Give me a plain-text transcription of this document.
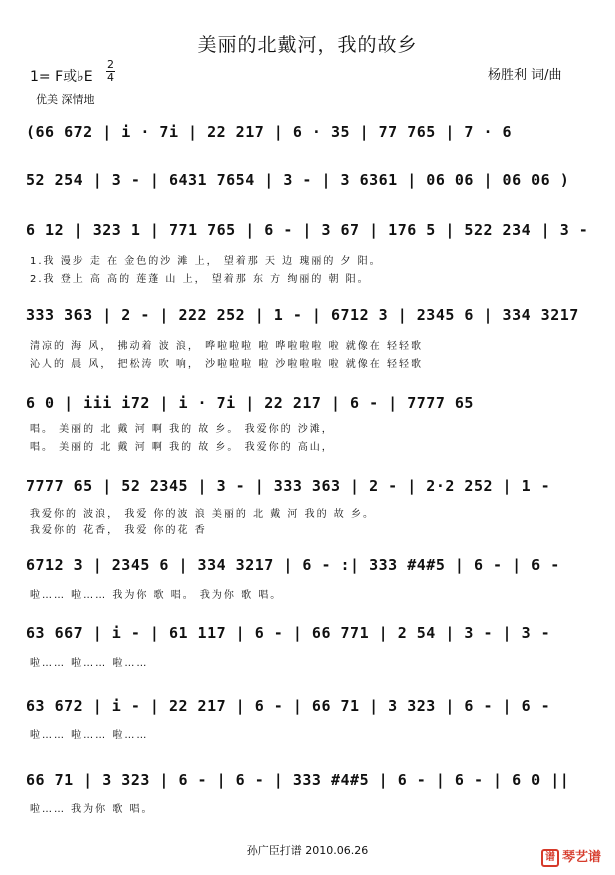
美丽的北戴河，我的故乡
1= F或♭E
2
4
优美 深情地
杨胜利 词/曲
(66 672 | i · 7i | 22 217 | 6 · 35 | 77 765 | 7 · 6
52 254 | 3 - | 6431 7654 | 3 - | 3 6361 | 06 06 | 06 06 )
6 12 | 323 1 | 771 765 | 6 - | 3 67 | 176 5 | 522 234 | 3 -
1.我 漫步 走 在 金色的沙 滩 上， 望着那 天 边 瑰丽的 夕 阳。
2.我 登上 高 高的 莲蓬 山 上， 望着那 东 方 绚丽的 朝 阳。
333 363 | 2 - | 222 252 | 1 - | 6712 3 | 2345 6 | 334 3217
清凉的 海 风， 拂动着 波 浪， 哗啦啦啦 啦 哗啦啦啦 啦 就像在 轻轻歌
沁人的 晨 风， 把松涛 吹 响， 沙啦啦啦 啦 沙啦啦啦 啦 就像在 轻轻歌
6 0 | iii i72 | i · 7i | 22 217 | 6 - | 7777 65
唱。 美丽的 北 戴 河 啊 我的 故 乡。 我爱你的 沙滩，
唱。 美丽的 北 戴 河 啊 我的 故 乡。 我爱你的 高山，
7777 65 | 52 2345 | 3 - | 333 363 | 2 - | 2·2 252 | 1 -
我爱你的 波浪， 我爱 你的波 浪 美丽的 北 戴 河 我的 故 乡。
我爱你的 花香， 我爱 你的花 香
6712 3 | 2345 6 | 334 3217 | 6 - :| 333 #4#5 | 6 - | 6 -
啦…… 啦…… 我为你 歌 唱。 我为你 歌 唱。
63 667 | i - | 61 117 | 6 - | 66 771 | 2 54 | 3 - | 3 -
啦…… 啦…… 啦……
63 672 | i - | 22 217 | 6 - | 66 71 | 3 323 | 6 - | 6 -
啦…… 啦…… 啦……
66 71 | 3 323 | 6 - | 6 - | 333 #4#5 | 6 - | 6 - | 6 0 ||
啦…… 我为你 歌 唱。
孙广臣打谱 2010.06.26	谱 琴艺谱
